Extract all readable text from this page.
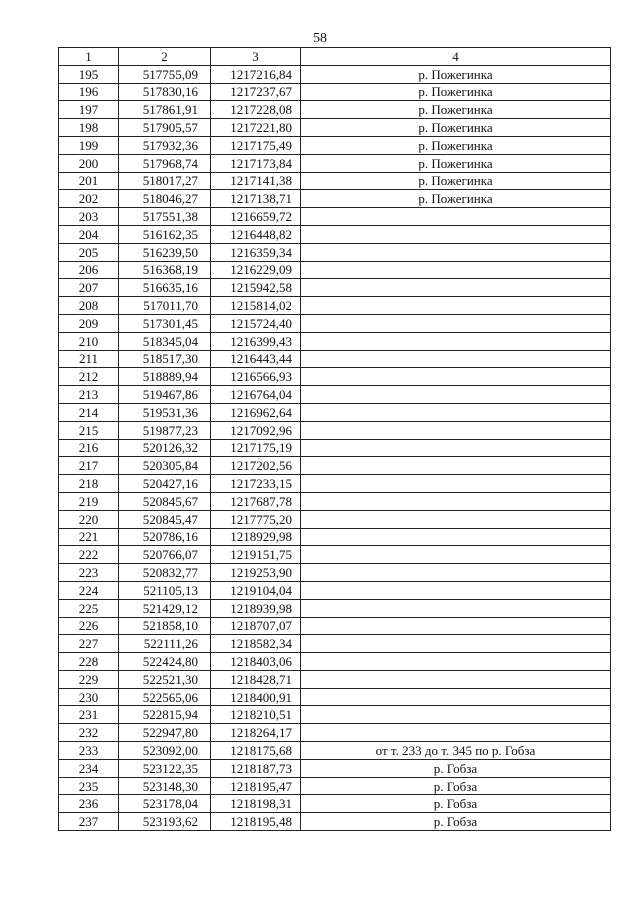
58
1	2	3	4
195	517755,09	1217216,84	р. Пожегинка
196	517830,16	1217237,67	р. Пожегинка
197	517861,91	1217228,08	р. Пожегинка
198	517905,57	1217221,80	р. Пожегинка
199	517932,36	1217175,49	р. Пожегинка
200	517968,74	1217173,84	р. Пожегинка
201	518017,27	1217141,38	р. Пожегинка
202	518046,27	1217138,71	р. Пожегинка
203	517551,38	1216659,72	
204	516162,35	1216448,82	
205	516239,50	1216359,34	
206	516368,19	1216229,09	
207	516635,16	1215942,58	
208	517011,70	1215814,02	
209	517301,45	1215724,40	
210	518345,04	1216399,43	
211	518517,30	1216443,44	
212	518889,94	1216566,93	
213	519467,86	1216764,04	
214	519531,36	1216962,64	
215	519877,23	1217092,96	
216	520126,32	1217175,19	
217	520305,84	1217202,56	
218	520427,16	1217233,15	
219	520845,67	1217687,78	
220	520845,47	1217775,20	
221	520786,16	1218929,98	
222	520766,07	1219151,75	
223	520832,77	1219253,90	
224	521105,13	1219104,04	
225	521429,12	1218939,98	
226	521858,10	1218707,07	
227	522111,26	1218582,34	
228	522424,80	1218403,06	
229	522521,30	1218428,71	
230	522565,06	1218400,91	
231	522815,94	1218210,51	
232	522947,80	1218264,17	
233	523092,00	1218175,68	от т. 233 до т. 345 по р. Гобза
234	523122,35	1218187,73	р. Гобза
235	523148,30	1218195,47	р. Гобза
236	523178,04	1218198,31	р. Гобза
237	523193,62	1218195,48	р. Гобза
